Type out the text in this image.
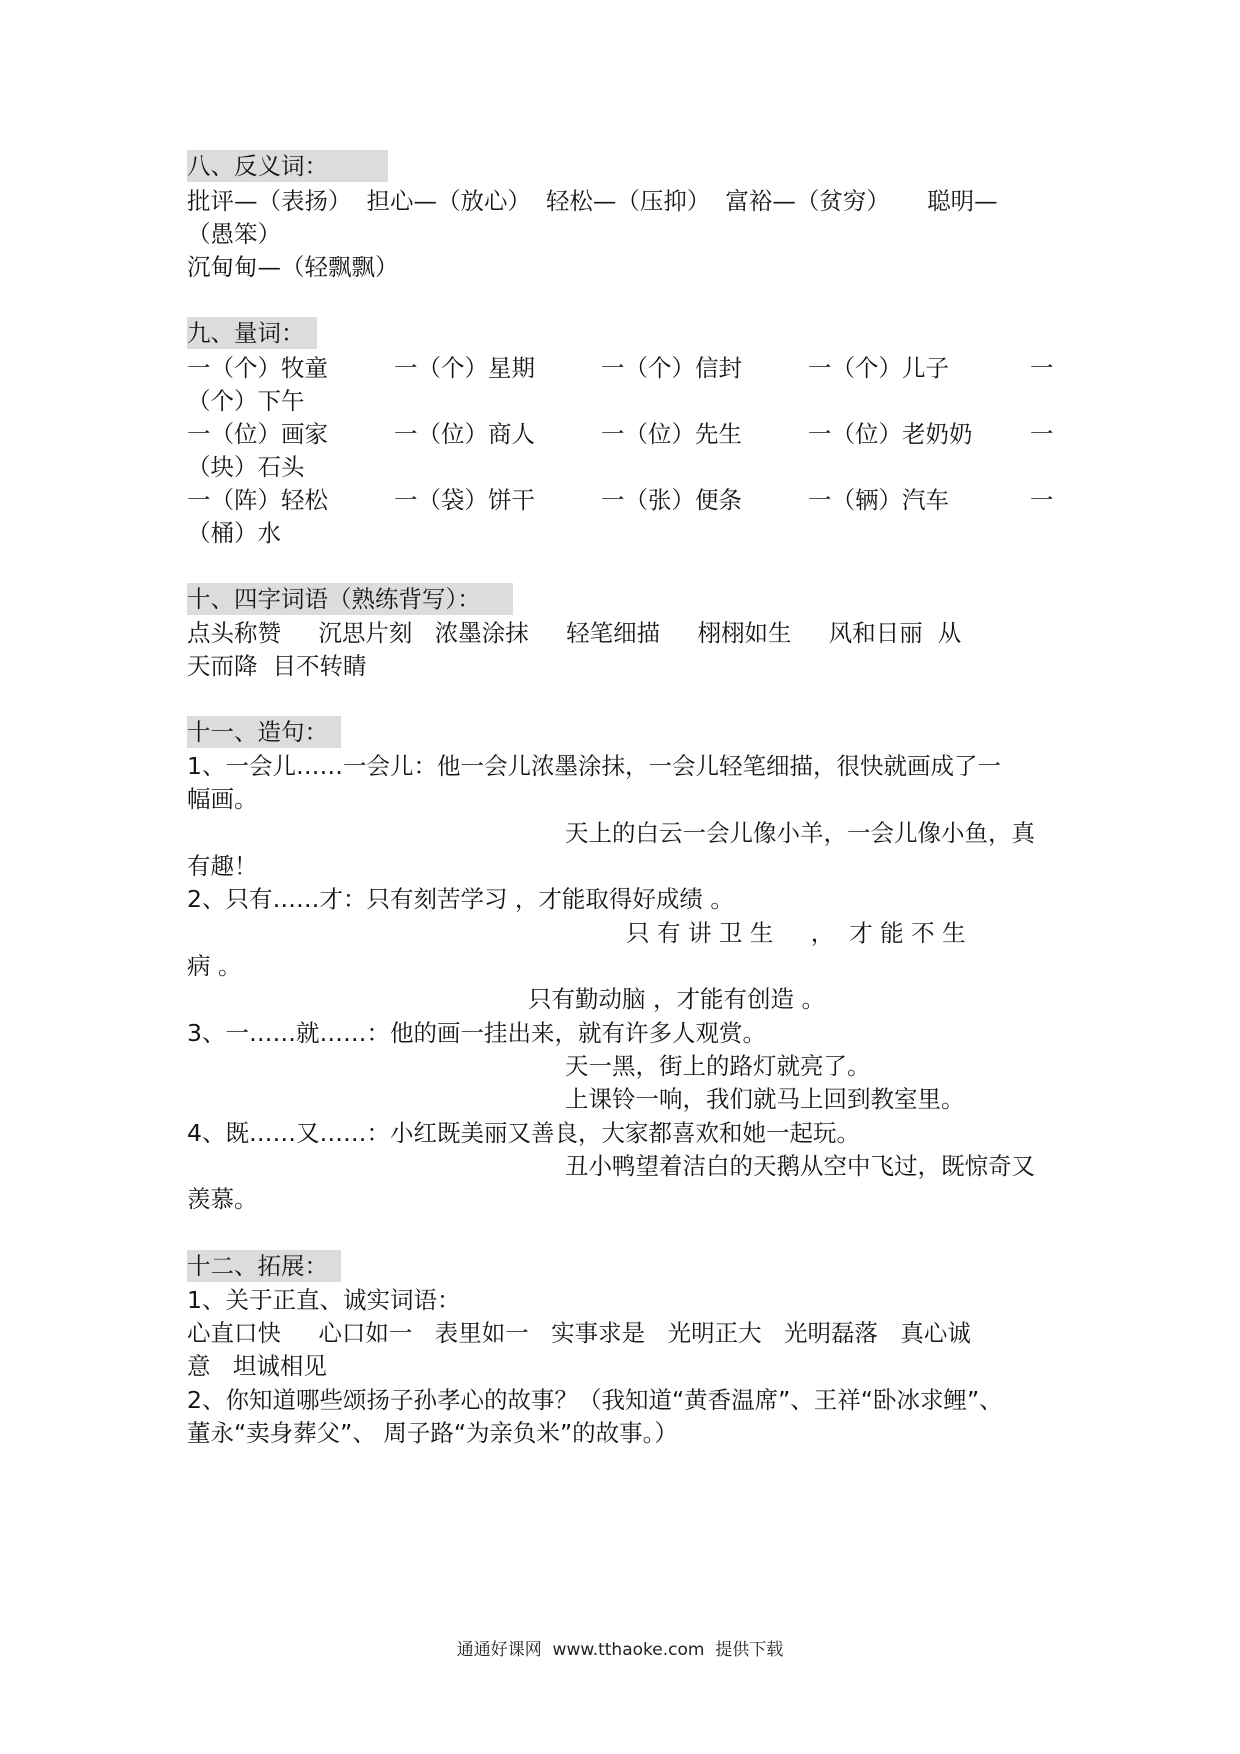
八、反义词：
批评—（表扬）  担心—（放心）  轻松—（压抑）  富裕—（贫穷）     聪明—
（愚笨）
沉甸甸—（轻飘飘）
九、量词：
一（个）牧童	一（个）星期	一（个）信封	一（个）儿子	一
（个）下午
一（位）画家	一（位）商人	一（位）先生	一（位）老奶奶 一
（块）石头
一（阵）轻松	一（袋）饼干	一（张）便条	一（辆）汽车	一
（桶）水
十、四字词语（熟练背写）：
点头称赞     沉思片刻   浓墨涂抹     轻笔细描     栩栩如生     风和日丽  从
天而降  目不转睛
十一、造句：
1、一会儿……一会儿：他一会儿浓墨涂抹，一会儿轻笔细描，很快就画成了一
幅画。
天上的白云一会儿像小羊，一会儿像小鱼，真
有趣！
2、只有……才：只有刻苦学习 ，才能取得好成绩 。
只 有 讲 卫 生     ，  才 能 不 生
病 。
只有勤动脑 ，才能有创造 。
3、一……就……：他的画一挂出来，就有许多人观赏。
天一黑，街上的路灯就亮了。
上课铃一响，我们就马上回到教室里。
4、既……又……：小红既美丽又善良，大家都喜欢和她一起玩。
丑小鸭望着洁白的天鹅从空中飞过，既惊奇又
羡慕。
十二、拓展：
1、关于正直、诚实词语：
心直口快     心口如一   表里如一   实事求是   光明正大   光明磊落   真心诚
意   坦诚相见
2、你知道哪些颂扬子孙孝心的故事？（我知道“黄香温席”、王祥“卧冰求鲤”、
董永“卖身葬父”、 周子路“为亲负米”的故事。）
通通好课网  www.tthaoke.com  提供下载
